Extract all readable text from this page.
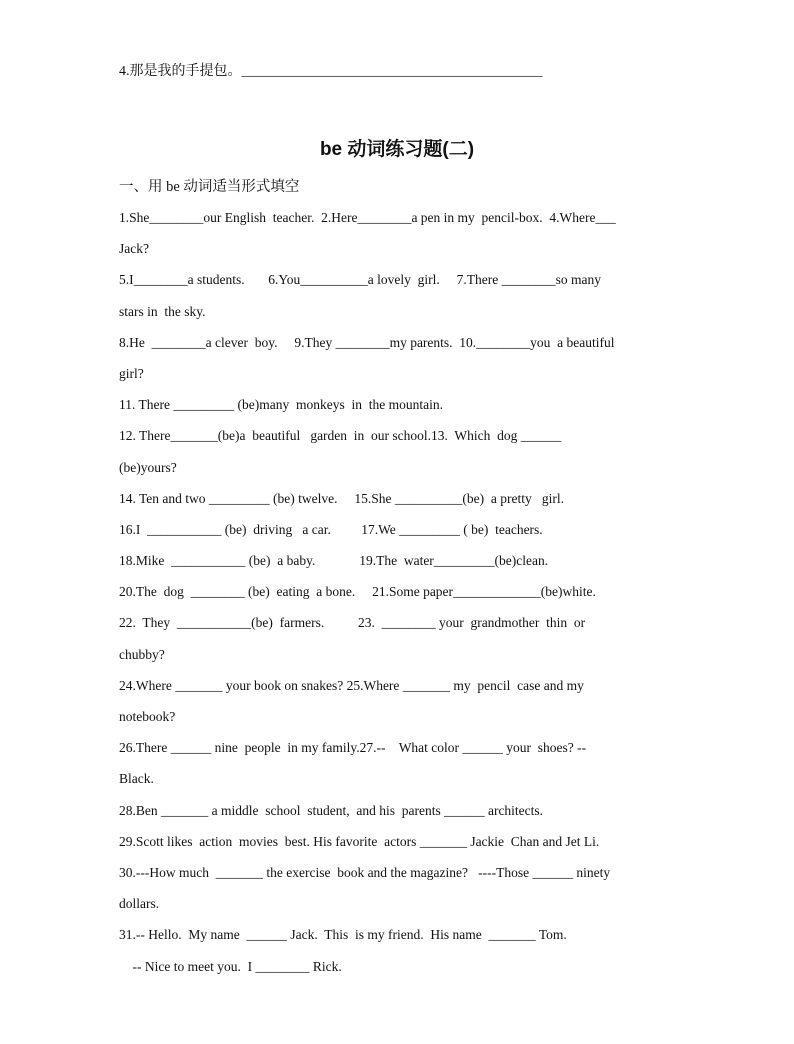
4.那是我的手提包。___________________________________________
be 动词练习题(二)
一、用 be 动词适当形式填空
1.She________our English  teacher.  2.Here________a pen in my  pencil-box.  4.Where___
Jack?
5.I________a students.       6.You__________a lovely  girl.     7.There ________so many
stars in  the sky.
8.He  ________a clever  boy.     9.They ________my parents.  10.________you  a beautiful
girl?
11. There _________ (be)many  monkeys  in  the mountain.
12. There_______(be)a  beautiful   garden  in  our school.13.  Which  dog ______
(be)yours?
14. Ten and two _________ (be) twelve.     15.She __________(be)  a pretty   girl.
16.I  ___________ (be)  driving   a car.         17.We _________ ( be)  teachers.
18.Mike  ___________ (be)  a baby.             19.The  water_________(be)clean.
20.The  dog  ________ (be)  eating  a bone.     21.Some paper_____________(be)white.
22.  They  ___________(be)  farmers.          23.  ________ your  grandmother  thin  or
chubby?
24.Where _______ your book on snakes? 25.Where _______ my  pencil  case and my
notebook?
26.There ______ nine  people  in my family.27.--    What color ______ your  shoes? --
Black.
28.Ben _______ a middle  school  student,  and his  parents ______ architects.
29.Scott likes  action  movies  best. His favorite  actors _______ Jackie  Chan and Jet Li.
30.---How much  _______ the exercise  book and the magazine?   ----Those ______ ninety
dollars.
31.-- Hello.  My name  ______ Jack.  This  is my friend.  His name  _______ Tom.
-- Nice to meet you.  I ________ Rick.
